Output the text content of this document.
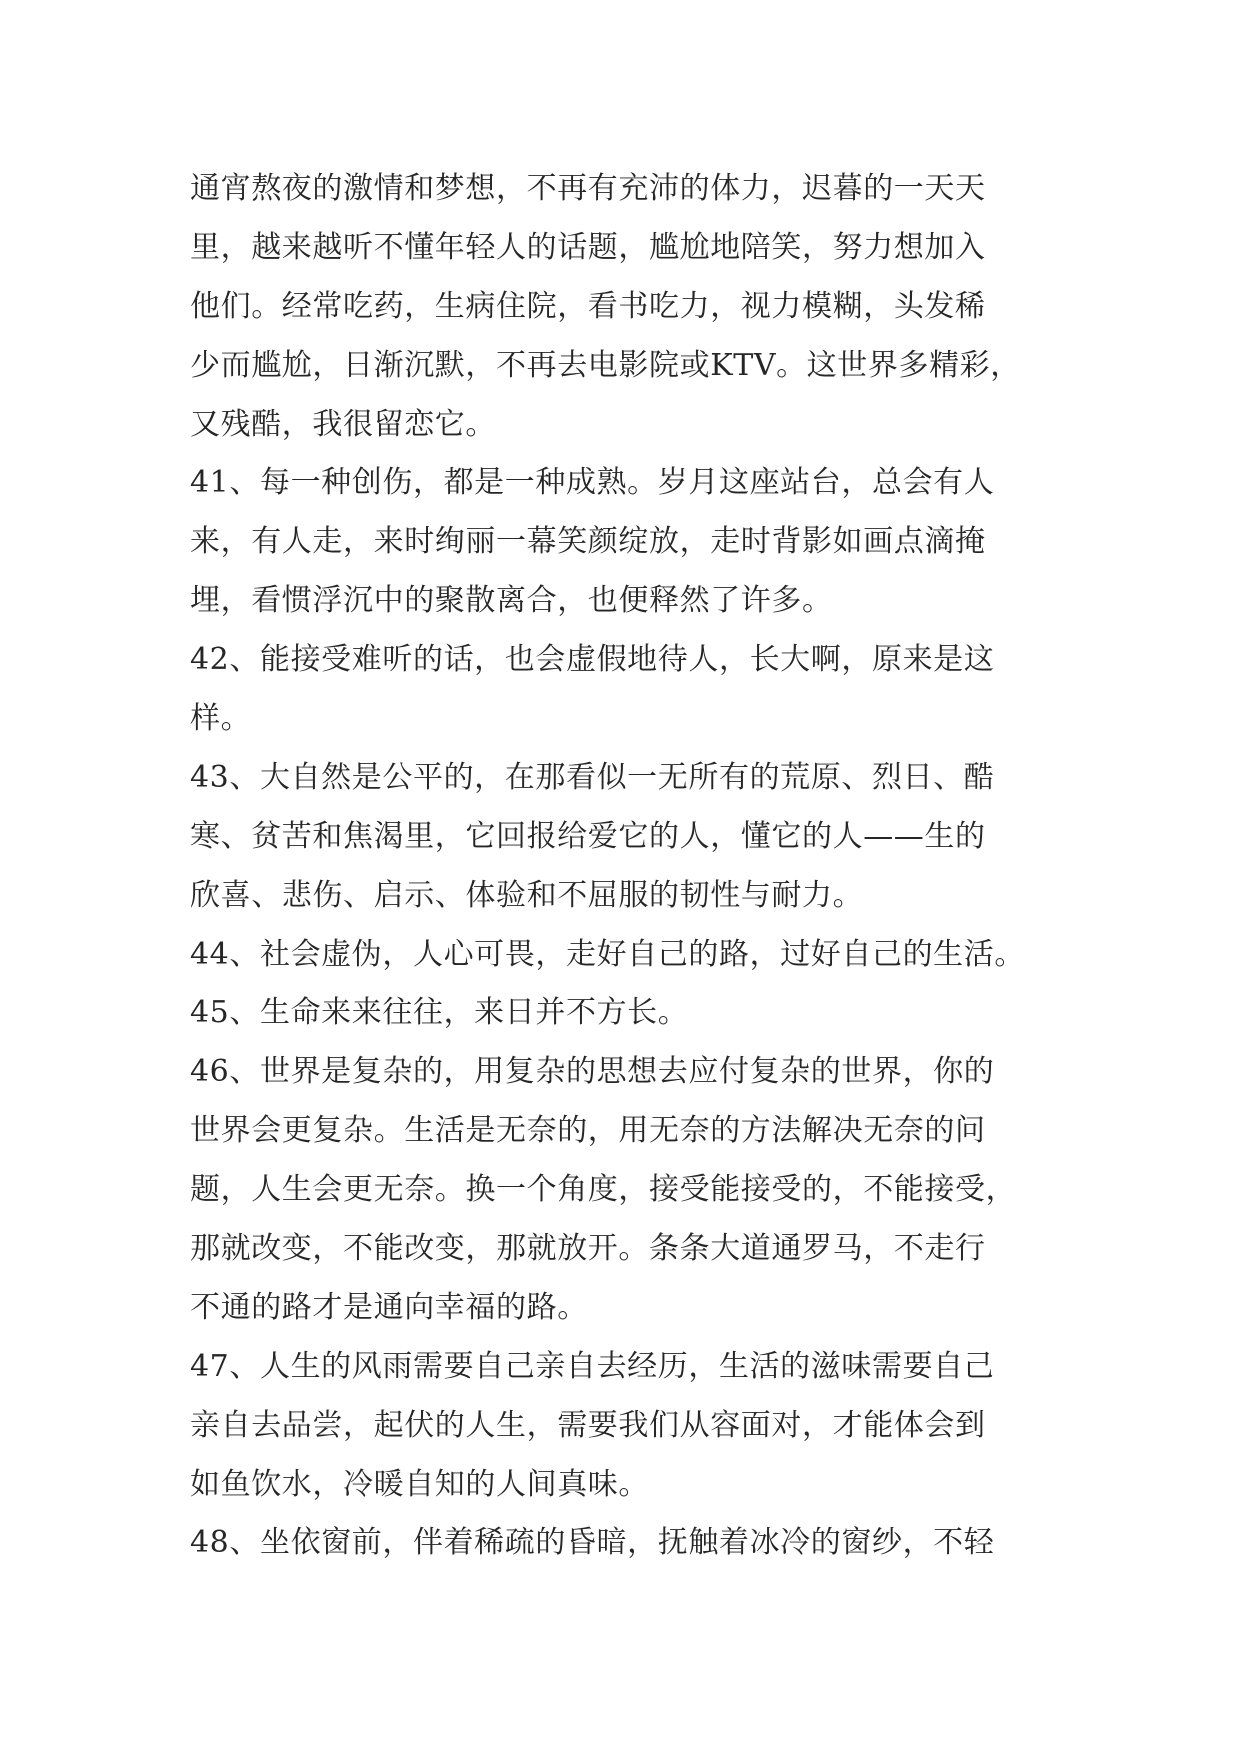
通宵熬夜的激情和梦想，不再有充沛的体力，迟暮的一天天
里，越来越听不懂年轻人的话题，尴尬地陪笑，努力想加入
他们。经常吃药，生病住院，看书吃力，视力模糊，头发稀
少而尴尬，日渐沉默，不再去电影院或KTV。这世界多精彩，
又残酷，我很留恋它。
41、每一种创伤，都是一种成熟。岁月这座站台，总会有人
来，有人走，来时绚丽一幕笑颜绽放，走时背影如画点滴掩
埋，看惯浮沉中的聚散离合，也便释然了许多。
42、能接受难听的话，也会虚假地待人，长大啊，原来是这
样。
43、大自然是公平的，在那看似一无所有的荒原、烈日、酷
寒、贫苦和焦渴里，它回报给爱它的人，懂它的人——生的
欣喜、悲伤、启示、体验和不屈服的韧性与耐力。
44、社会虚伪，人心可畏，走好自己的路，过好自己的生活。
45、生命来来往往，来日并不方长。
46、世界是复杂的，用复杂的思想去应付复杂的世界，你的
世界会更复杂。生活是无奈的，用无奈的方法解决无奈的问
题，人生会更无奈。换一个角度，接受能接受的，不能接受，
那就改变，不能改变，那就放开。条条大道通罗马，不走行
不通的路才是通向幸福的路。
47、人生的风雨需要自己亲自去经历，生活的滋味需要自己
亲自去品尝，起伏的人生，需要我们从容面对，才能体会到
如鱼饮水，冷暖自知的人间真味。
48、坐依窗前，伴着稀疏的昏暗，抚触着冰冷的窗纱，不轻
